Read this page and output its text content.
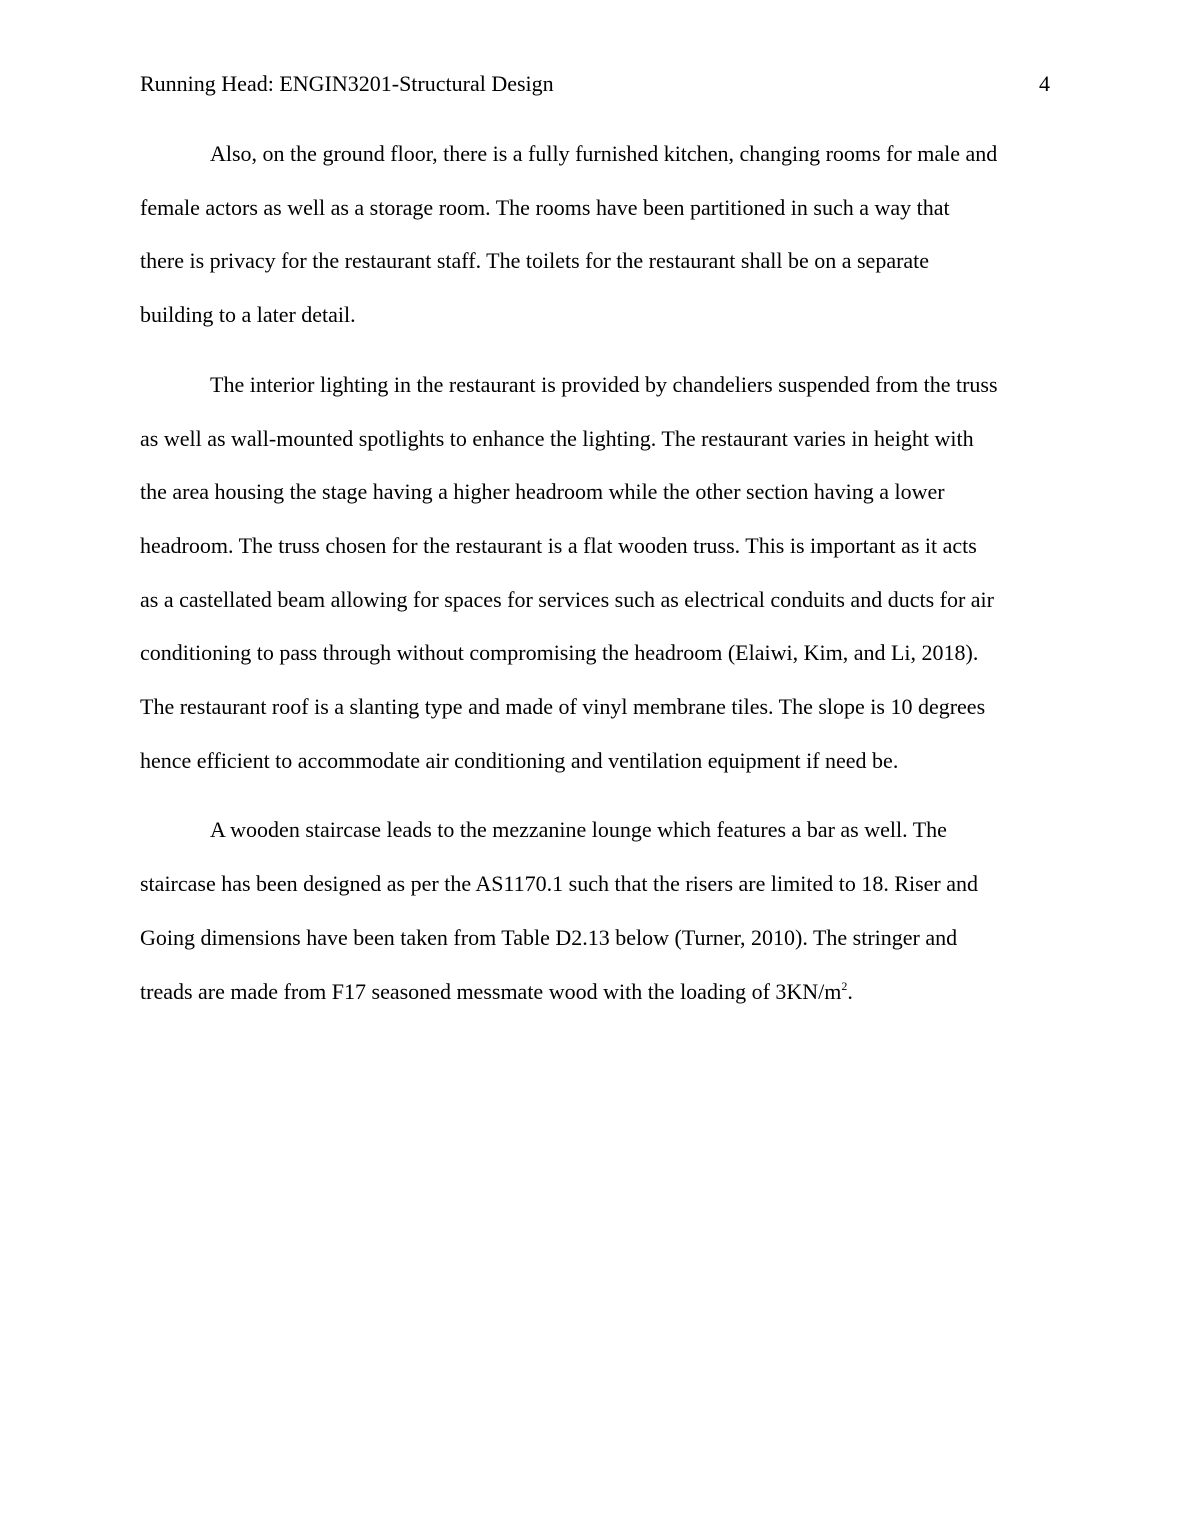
Running Head: ENGIN3201-Structural Design	4

Also, on the ground floor, there is a fully furnished kitchen, changing rooms for male and
female actors as well as a storage room. The rooms have been partitioned in such a way that
there is privacy for the restaurant staff. The toilets for the restaurant shall be on a separate
building to a later detail.

The interior lighting in the restaurant is provided by chandeliers suspended from the truss
as well as wall-mounted spotlights to enhance the lighting. The restaurant varies in height with
the area housing the stage having a higher headroom while the other section having a lower
headroom. The truss chosen for the restaurant is a flat wooden truss. This is important as it acts
as a castellated beam allowing for spaces for services such as electrical conduits and ducts for air
conditioning to pass through without compromising the headroom (Elaiwi, Kim, and Li, 2018).
The restaurant roof is a slanting type and made of vinyl membrane tiles. The slope is 10 degrees
hence efficient to accommodate air conditioning and ventilation equipment if need be.

A wooden staircase leads to the mezzanine lounge which features a bar as well. The
staircase has been designed as per the AS1170.1 such that the risers are limited to 18. Riser and
Going dimensions have been taken from Table D2.13 below (Turner, 2010). The stringer and
treads are made from F17 seasoned messmate wood with the loading of $3KN/m^2$.
